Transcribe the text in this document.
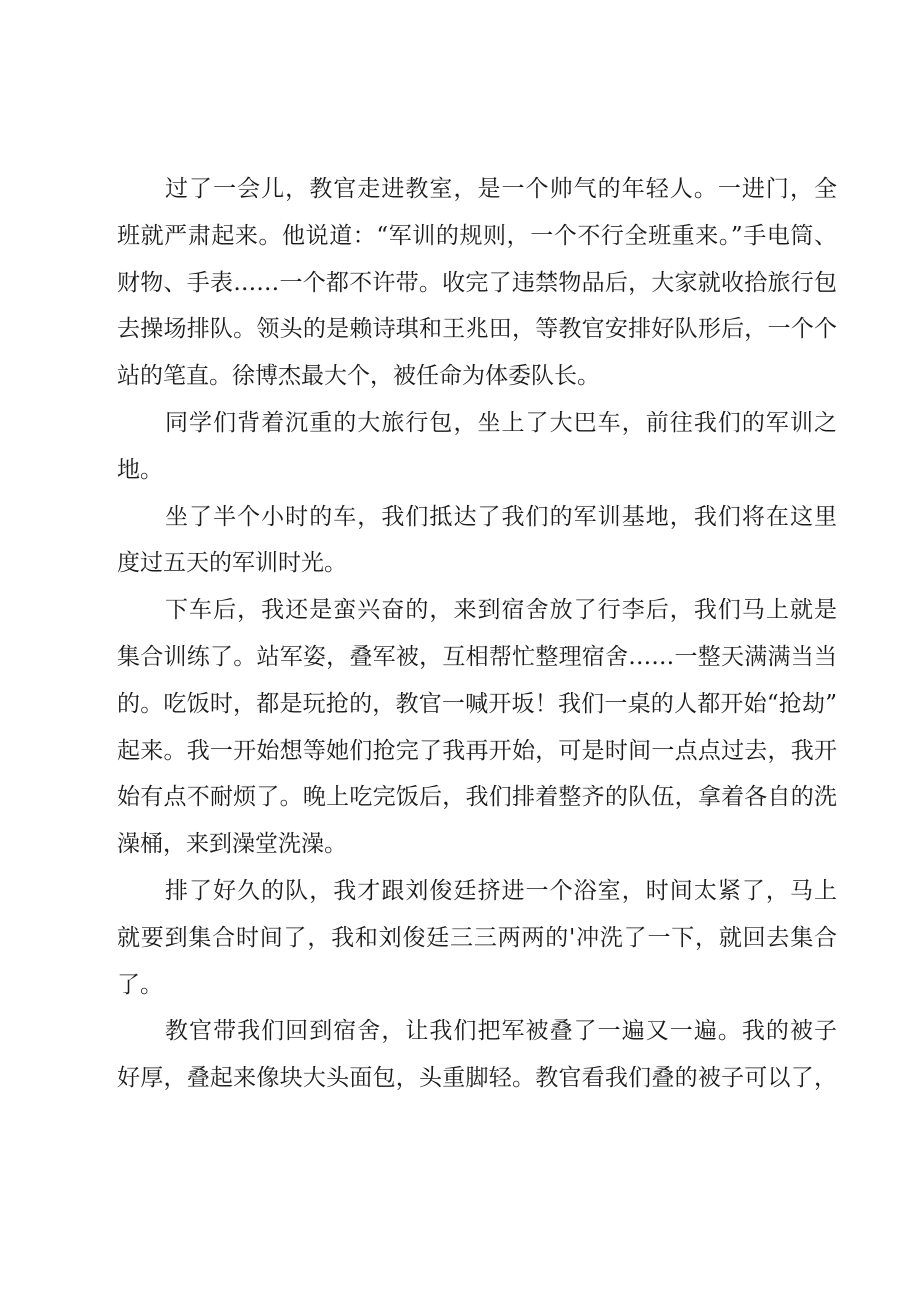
过了一会儿，教官走进教室，是一个帅气的年轻人。一进门，全
班就严肃起来。他说道：“军训的规则，一个不行全班重来。”手电筒、
财物、手表……一个都不许带。收完了违禁物品后，大家就收拾旅行包
去操场排队。领头的是赖诗琪和王兆田，等教官安排好队形后，一个个
站的笔直。徐博杰最大个，被任命为体委队长。
同学们背着沉重的大旅行包，坐上了大巴车，前往我们的军训之
地。
坐了半个小时的车，我们抵达了我们的军训基地，我们将在这里
度过五天的军训时光。
下车后，我还是蛮兴奋的，来到宿舍放了行李后，我们马上就是
集合训练了。站军姿，叠军被，互相帮忙整理宿舍……一整天满满当当
的。吃饭时，都是玩抢的，教官一喊开坂！我们一桌的人都开始“抢劫”
起来。我一开始想等她们抢完了我再开始，可是时间一点点过去，我开
始有点不耐烦了。晚上吃完饭后，我们排着整齐的队伍，拿着各自的洗
澡桶，来到澡堂洗澡。
排了好久的队，我才跟刘俊廷挤进一个浴室，时间太紧了，马上
就要到集合时间了，我和刘俊廷三三两两的'冲洗了一下，就回去集合
了。
教官带我们回到宿舍，让我们把军被叠了一遍又一遍。我的被子
好厚，叠起来像块大头面包，头重脚轻。教官看我们叠的被子可以了，
